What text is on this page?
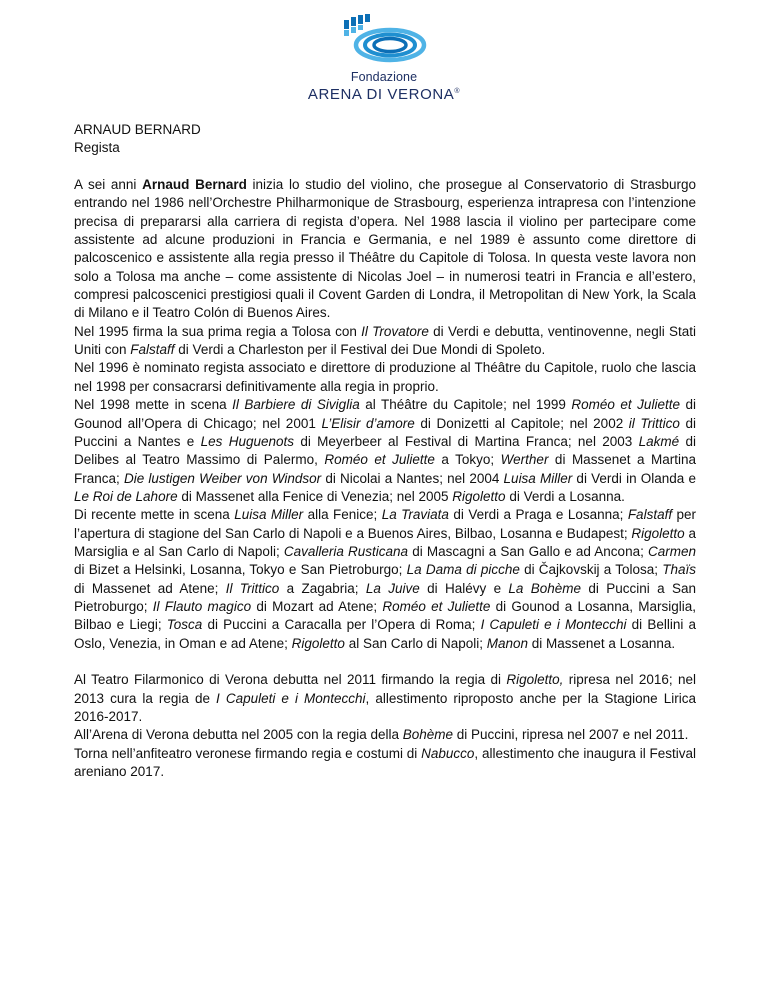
Fondazione
ARENA DI VERONA®

ARNAUD BERNARD

Regista

A sei anni Arnaud Bernard inizia lo studio del violino, che prosegue al Conservatorio di Strasburgo entrando nel 1986 nell’Orchestre Philharmonique de Strasbourg, esperienza intrapresa con l’intenzione precisa di prepararsi alla carriera di regista d’opera. Nel 1988 lascia il violino per partecipare come assistente ad alcune produzioni in Francia e Germania, e nel 1989 è assunto come direttore di palcoscenico e assistente alla regia presso il Théâtre du Capitole di Tolosa. In questa veste lavora non solo a Tolosa ma anche – come assistente di Nicolas Joel – in numerosi teatri in Francia e all’estero, compresi palcoscenici prestigiosi quali il Covent Garden di Londra, il Metropolitan di New York, la Scala di Milano e il Teatro Colón di Buenos Aires.

Nel 1995 firma la sua prima regia a Tolosa con Il Trovatore di Verdi e debutta, ventinovenne, negli Stati Uniti con Falstaff di Verdi a Charleston per il Festival dei Due Mondi di Spoleto.

Nel 1996 è nominato regista associato e direttore di produzione al Théâtre du Capitole, ruolo che lascia nel 1998 per consacrarsi definitivamente alla regia in proprio.

Nel 1998 mette in scena Il Barbiere di Siviglia al Théâtre du Capitole; nel 1999 Roméo et Juliette di Gounod all’Opera di Chicago; nel 2001 L’Elisir d’amore di Donizetti al Capitole; nel 2002 il Trittico di Puccini a Nantes e Les Huguenots di Meyerbeer al Festival di Martina Franca; nel 2003 Lakmé di Delibes al Teatro Massimo di Palermo, Roméo et Juliette a Tokyo; Werther di Massenet a Martina Franca; Die lustigen Weiber von Windsor di Nicolai a Nantes; nel 2004 Luisa Miller di Verdi in Olanda e Le Roi de Lahore di Massenet alla Fenice di Venezia; nel 2005 Rigoletto di Verdi a Losanna.

Di recente mette in scena Luisa Miller alla Fenice; La Traviata di Verdi a Praga e Losanna; Falstaff per l’apertura di stagione del San Carlo di Napoli e a Buenos Aires, Bilbao, Losanna e Budapest; Rigoletto a Marsiglia e al San Carlo di Napoli; Cavalleria Rusticana di Mascagni a San Gallo e ad Ancona; Carmen di Bizet a Helsinki, Losanna, Tokyo e San Pietroburgo; La Dama di picche di Čajkovskij a Tolosa; Thaïs di Massenet ad Atene; Il Trittico a Zagabria; La Juive di Halévy e La Bohème di Puccini a San Pietroburgo; Il Flauto magico di Mozart ad Atene; Roméo et Juliette di Gounod a Losanna, Marsiglia, Bilbao e Liegi; Tosca di Puccini a Caracalla per l’Opera di Roma; I Capuleti e i Montecchi di Bellini a Oslo, Venezia, in Oman e ad Atene; Rigoletto al San Carlo di Napoli; Manon di Massenet a Losanna.

Al Teatro Filarmonico di Verona debutta nel 2011 firmando la regia di Rigoletto, ripresa nel 2016; nel 2013 cura la regia de I Capuleti e i Montecchi, allestimento riproposto anche per la Stagione Lirica 2016-2017.

All’Arena di Verona debutta nel 2005 con la regia della Bohème di Puccini, ripresa nel 2007 e nel 2011.

Torna nell’anfiteatro veronese firmando regia e costumi di Nabucco, allestimento che inaugura il Festival areniano 2017.
